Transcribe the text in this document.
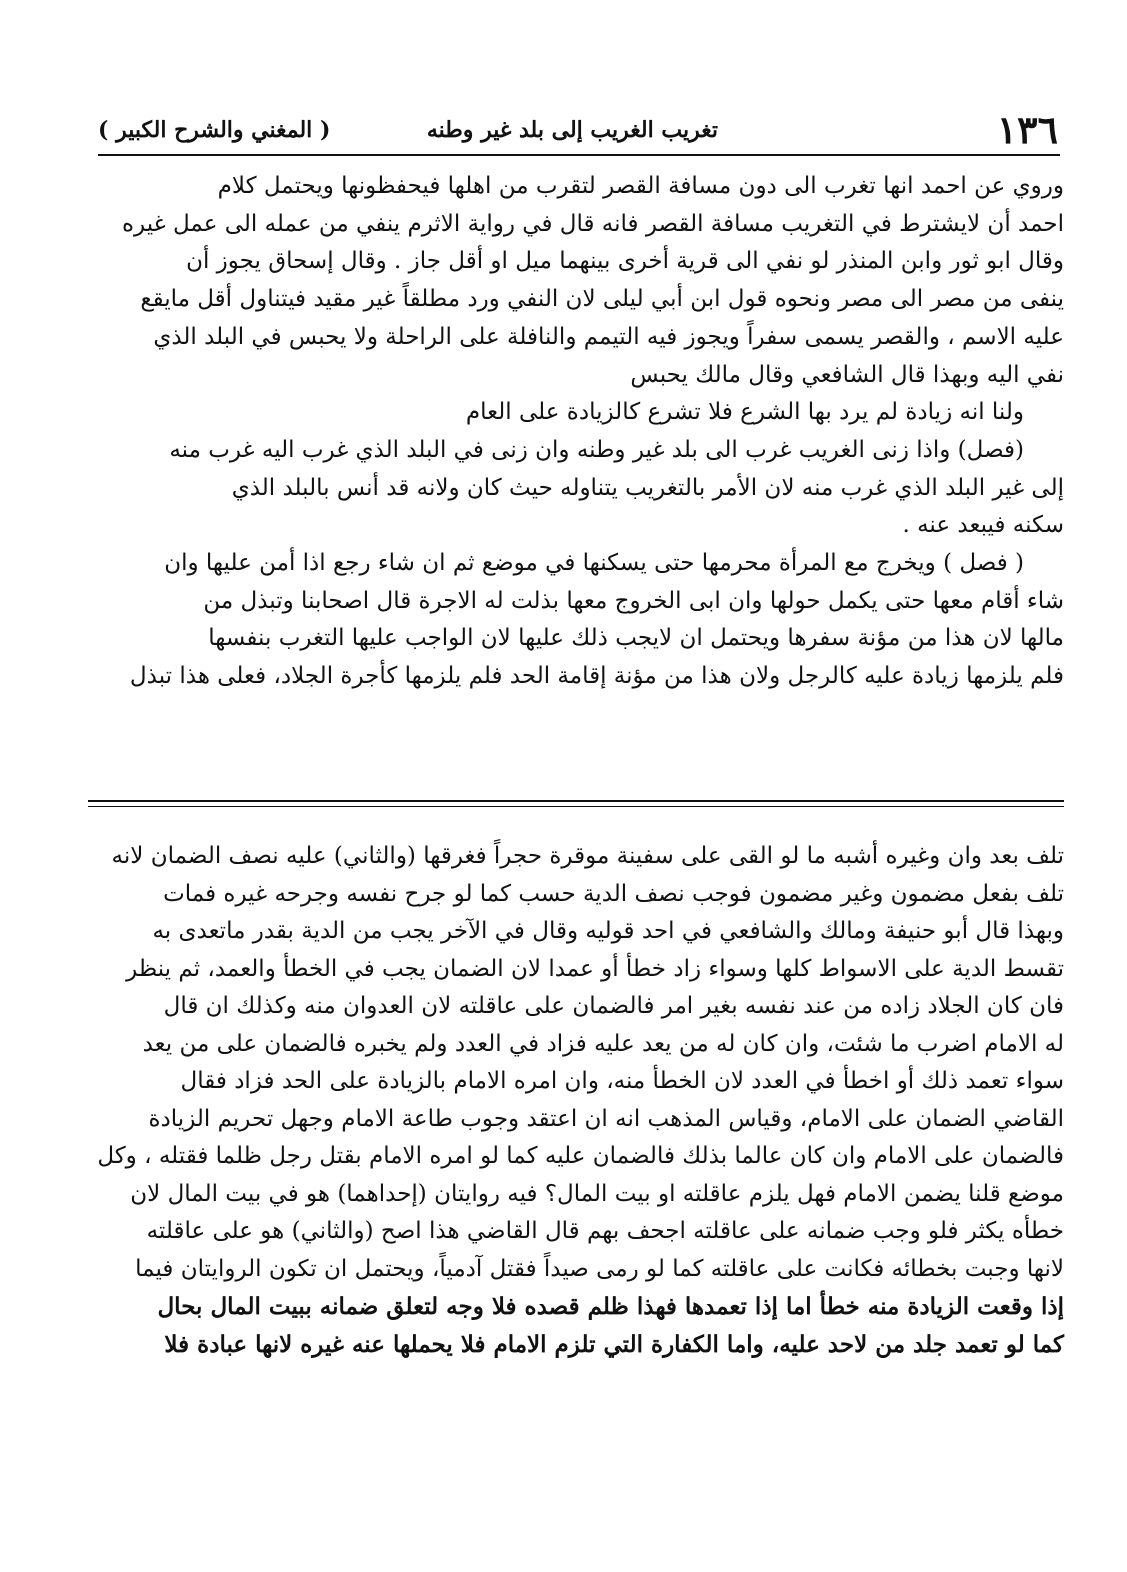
١٣٦
تغريب الغريب إلى بلد غير وطنه
( المغني والشرح الكبير )
وروي عن احمد انها تغرب الى دون مسافة القصر لتقرب من اهلها فيحفظونها ويحتمل كلام
احمد أن لايشترط في التغريب مسافة القصر فانه قال في رواية الاثرم ينفي من عمله الى عمل غيره
وقال ابو ثور وابن المنذر لو نفي الى قرية أخرى بينهما ميل او أقل جاز . وقال إسحاق يجوز أن
ينفى من مصر الى مصر ونحوه قول ابن أبي ليلى لان النفي ورد مطلقاً غير مقيد فيتناول أقل مايقع
عليه الاسم ، والقصر يسمى سفراً ويجوز فيه التيمم والنافلة على الراحلة ولا يحبس في البلد الذي
نفي اليه وبهذا قال الشافعي وقال مالك يحبس
ولنا انه زيادة لم يرد بها الشرع فلا تشرع كالزيادة على العام
(فصل) واذا زنى الغريب غرب الى بلد غير وطنه وان زنى في البلد الذي غرب اليه غرب منه
إلى غير البلد الذي غرب منه لان الأمر بالتغريب يتناوله حيث كان ولانه قد أنس بالبلد الذي
سكنه فيبعد عنه .
( فصل ) ويخرج مع المرأة محرمها حتى يسكنها في موضع ثم ان شاء رجع اذا أمن عليها وان
شاء أقام معها حتى يكمل حولها وان ابى الخروج معها بذلت له الاجرة قال اصحابنا وتبذل من
مالها لان هذا من مؤنة سفرها ويحتمل ان لايجب ذلك عليها لان الواجب عليها التغرب بنفسها
فلم يلزمها زيادة عليه كالرجل ولان هذا من مؤنة إقامة الحد فلم يلزمها كأجرة الجلاد، فعلى هذا تبذل
تلف بعد وان وغيره أشبه ما لو القى على سفينة موقرة حجراً فغرقها (والثاني) عليه نصف الضمان لانه
تلف بفعل مضمون وغير مضمون فوجب نصف الدية حسب كما لو جرح نفسه وجرحه غيره فمات
وبهذا قال أبو حنيفة ومالك والشافعي في احد قوليه وقال في الآخر يجب من الدية بقدر ماتعدى به
تقسط الدية على الاسواط كلها وسواء زاد خطأ أو عمدا لان الضمان يجب في الخطأ والعمد، ثم ينظر
فان كان الجلاد زاده من عند نفسه بغير امر فالضمان على عاقلته لان العدوان منه وكذلك ان قال
له الامام اضرب ما شئت، وان كان له من يعد عليه فزاد في العدد ولم يخبره فالضمان على من يعد
سواء تعمد ذلك أو اخطأ في العدد لان الخطأ منه، وان امره الامام بالزيادة على الحد فزاد فقال
القاضي الضمان على الامام، وقياس المذهب انه ان اعتقد وجوب طاعة الامام وجهل تحريم الزيادة
فالضمان على الامام وان كان عالما بذلك فالضمان عليه كما لو امره الامام بقتل رجل ظلما فقتله ، وكل
موضع قلنا يضمن الامام فهل يلزم عاقلته او بيت المال؟ فيه روايتان (إحداهما) هو في بيت المال لان
خطأه يكثر فلو وجب ضمانه على عاقلته اجحف بهم قال القاضي هذا اصح (والثاني) هو على عاقلته
لانها وجبت بخطائه فكانت على عاقلته كما لو رمى صيداً فقتل آدمياً، ويحتمل ان تكون الروايتان فيما
إذا وقعت الزيادة منه خطأ اما إذا تعمدها فهذا ظلم قصده فلا وجه لتعلق ضمانه ببيت المال بحال
كما لو تعمد جلد من لاحد عليه، واما الكفارة التي تلزم الامام فلا يحملها عنه غيره لانها عبادة فلا
